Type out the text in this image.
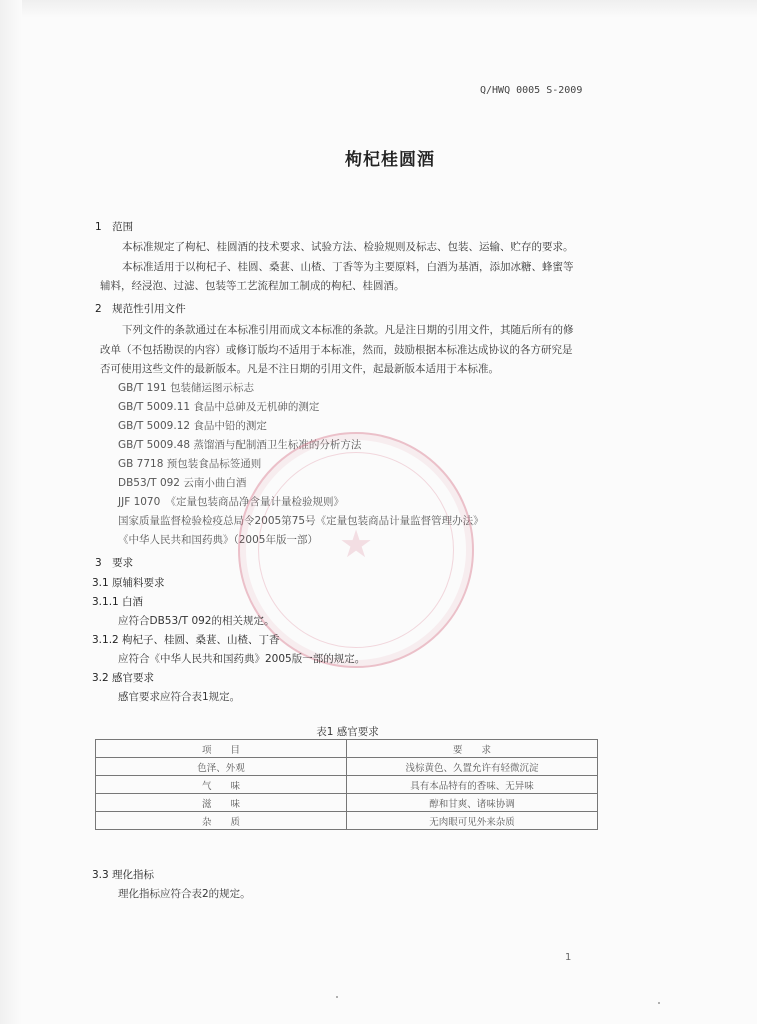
Q/HWQ 0005 S-2009
枸杞桂圆酒
1　范围
本标准规定了枸杞、桂圆酒的技术要求、试验方法、检验规则及标志、包装、运输、贮存的要求。
本标准适用于以枸杞子、桂圆、桑葚、山楂、丁香等为主要原料，白酒为基酒，添加冰糖、蜂蜜等
辅料，经浸泡、过滤、包装等工艺流程加工制成的枸杞、桂圆酒。
2　规范性引用文件
下列文件的条款通过在本标准引用而成文本标准的条款。凡是注日期的引用文件，其随后所有的修
改单（不包括勘误的内容）或修订版均不适用于本标准，然而，鼓励根据本标准达成协议的各方研究是
否可使用这些文件的最新版本。凡是不注日期的引用文件，起最新版本适用于本标准。
GB/T 191 包装储运图示标志
GB/T 5009.11 食品中总砷及无机砷的测定
GB/T 5009.12 食品中铅的测定
GB/T 5009.48 蒸馏酒与配制酒卫生标准的分析方法
GB 7718 预包装食品标签通则
DB53/T 092 云南小曲白酒
JJF 1070　《定量包装商品净含量计量检验规则》
国家质量监督检验检疫总局令2005第75号《定量包装商品计量监督管理办法》
《中华人民共和国药典》（2005年版一部） ★
3　要求
3.1 原辅料要求
3.1.1 白酒
应符合DB53/T 092的相关规定。
3.1.2 枸杞子、桂圆、桑葚、山楂、丁香
应符合《中华人民共和国药典》2005版一部的规定。
3.2 感官要求
感官要求应符合表1规定。
表1 感官要求
项　　目	要　　求
色泽、外观	浅棕黄色、久置允许有轻微沉淀
气　　味	具有本品特有的香味、无异味
滋　　味	醇和甘爽、诸味协调
杂　　质	无肉眼可见外来杂质
3.3 理化指标
理化指标应符合表2的规定。
1
